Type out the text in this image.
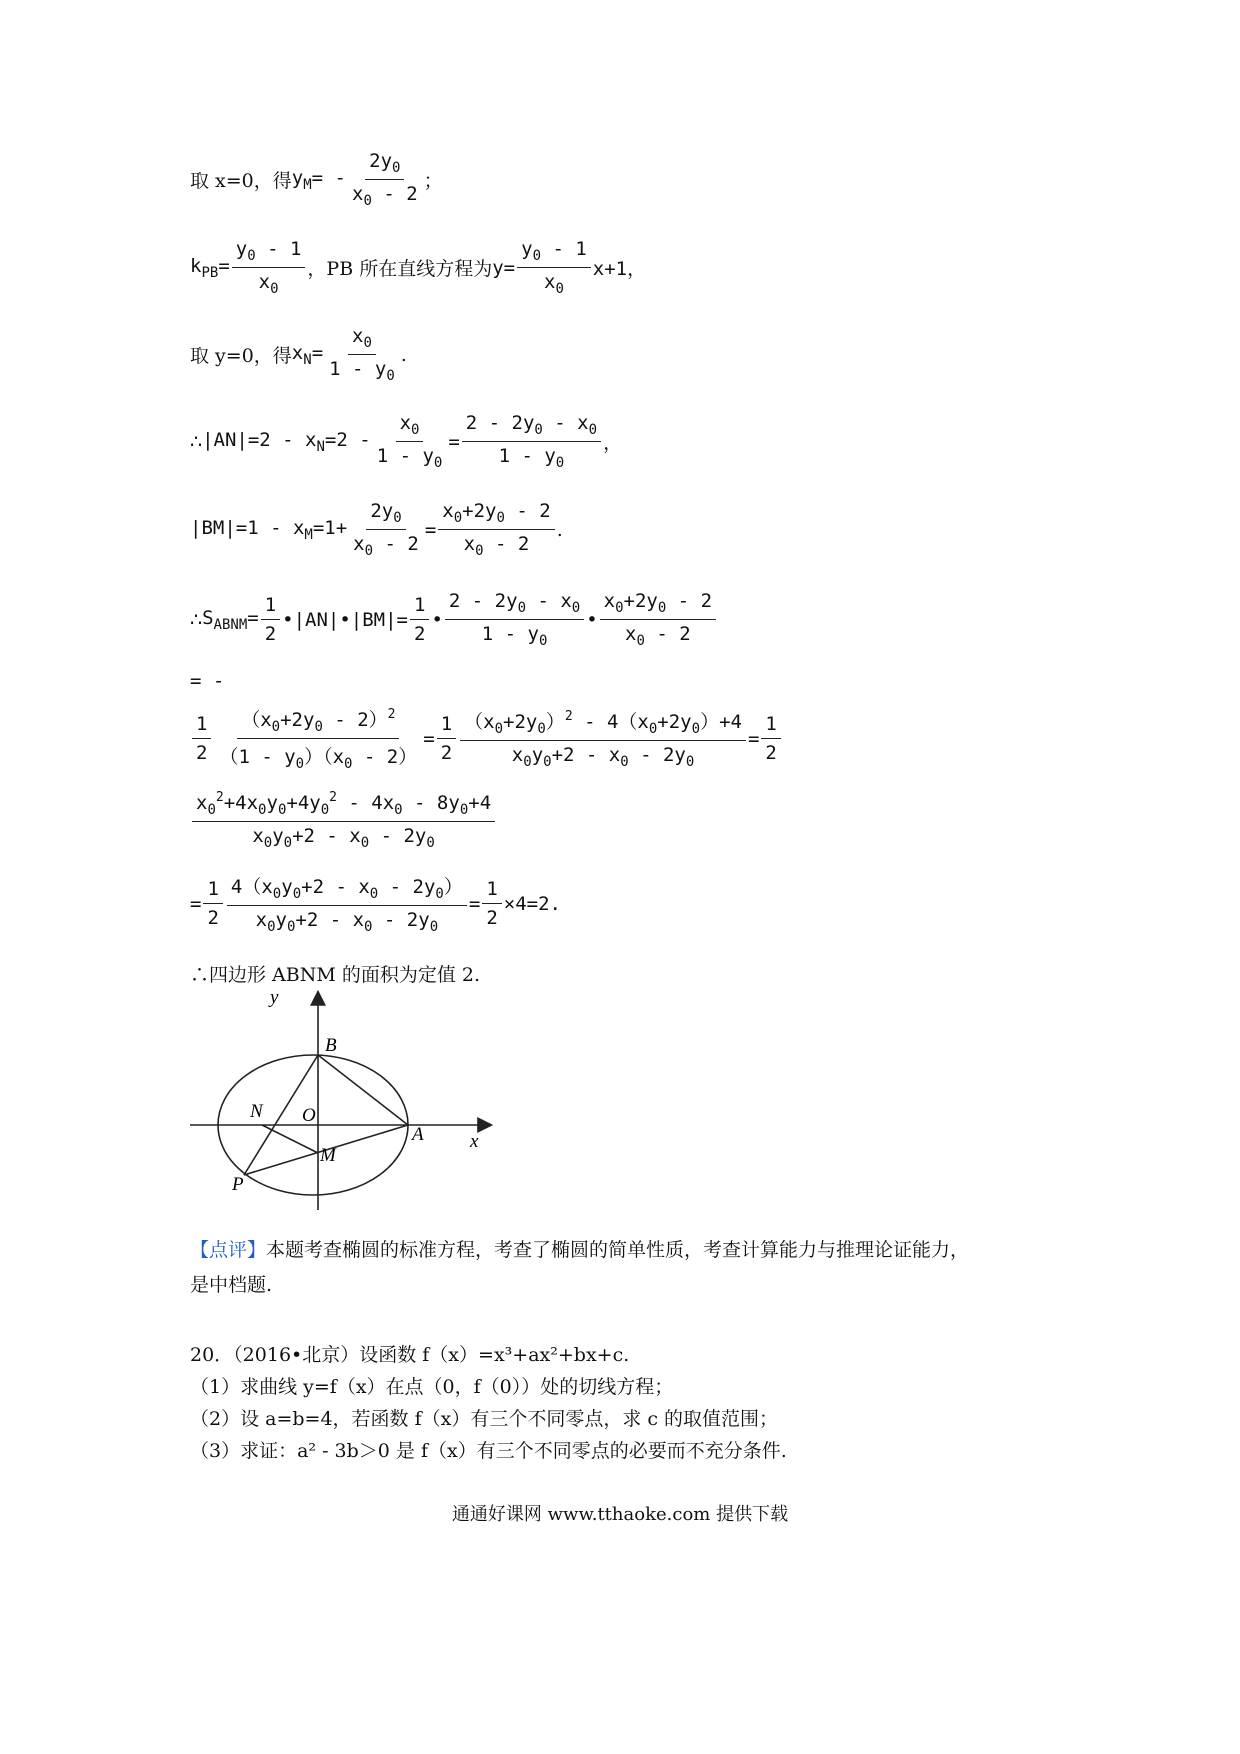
取 x=0，得 $y_M= - \frac{2y_0}{x_0 - 2}$ ；
$k_{PB}= \frac{y_0 - 1}{x_0}$ ，PB 所在直线方程为 $y= \frac{y_0 - 1}{x_0} x+1$，
取 y=0，得 $x_N= \frac{x_0}{1 - y_0}$ .
∴ $|AN|=2 - x_N=2 - \frac{x_0}{1 - y_0} = \frac{2 - 2y_0 - x_0}{1 - y_0}$ ，
$|BM|=1 - x_M=1+ \frac{2y_0}{x_0 - 2} = \frac{x_0+2y_0 - 2}{x_0 - 2}$ .
∴ $S_{ABNM}= \frac{1}{2}$ •|AN|•|BM|= $\frac{1}{2}$ • $\frac{2 - 2y_0 - x_0}{1 - y_0}$ • $\frac{x_0+2y_0 - 2}{x_0 - 2}$
= -
$\frac{1}{2} \frac{(x_0+2y_0 - 2)^2}{(1 - y_0)(x_0 - 2)} = \frac{1}{2} \frac{(x_0+2y_0)^2 - 4(x_0+2y_0)+4}{x_0y_0+2 - x_0 - 2y_0} = \frac{1}{2}$
$\frac{x_0^2+4x_0y_0+4y_0^2 - 4x_0 - 8y_0+4}{x_0y_0+2 - x_0 - 2y_0}$
= $\frac{1}{2} \frac{4(x_0y_0+2 - x_0 - 2y_0)}{x_0y_0+2 - x_0 - 2y_0} = \frac{1}{2} \times 4=2$.
∴四边形 ABNM 的面积为定值 2.
y
x
B
N O
A
M
P
【点评】 本题考查椭圆的标准方程，考查了椭圆的简单性质，考查计算能力与推理论证能力，
是中档题.
20．（2016•北京）设函数 f（x）=x³+ax²+bx+c.
（1）求曲线 y=f（x）在点（0，f（0））处的切线方程；
（2）设 a=b=4，若函数 f（x）有三个不同零点，求 c 的取值范围；
（3）求证：a² - 3b＞0 是 f（x）有三个不同零点的必要而不充分条件.
通通好课网 www.tthaoke.com 提供下载
